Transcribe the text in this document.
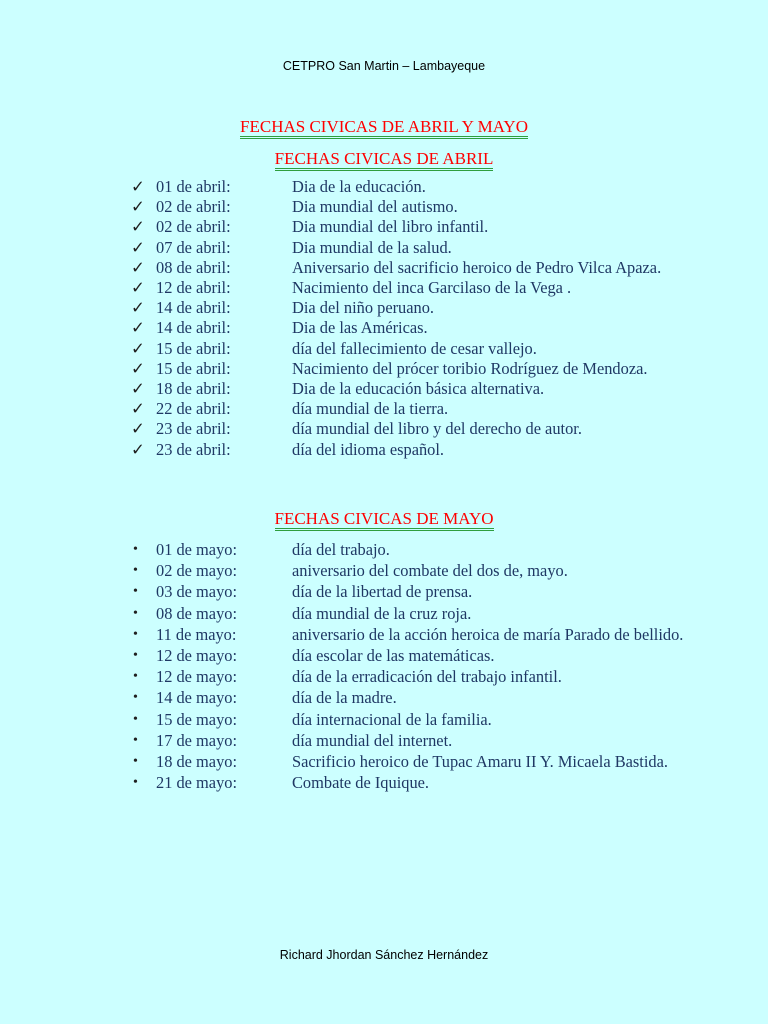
CETPRO San Martin – Lambayeque
FECHAS CIVICAS DE ABRIL Y MAYO
FECHAS CIVICAS DE ABRIL
✓ 01 de abril:	Dia de la educación.
✓ 02 de abril:	Dia mundial del autismo.
✓ 02 de abril:	Dia mundial del libro infantil.
✓ 07 de abril:	Dia mundial de la salud.
✓ 08 de abril:	Aniversario del sacrificio heroico de Pedro Vilca Apaza.
✓ 12 de abril:	Nacimiento del inca Garcilaso de la Vega .
✓ 14 de abril:	Dia del niño peruano.
✓ 14 de abril:	Dia de las Américas.
✓ 15 de abril:	día del fallecimiento de cesar vallejo.
✓ 15 de abril:	Nacimiento del prócer toribio Rodríguez de Mendoza.
✓ 18 de abril:	Dia de la educación básica alternativa.
✓ 22 de abril:	día mundial de la tierra.
✓ 23 de abril:	día mundial del libro y del derecho de autor.
✓ 23 de abril:	día del idioma español.
FECHAS CIVICAS DE MAYO
• 01 de mayo:	día del trabajo.
• 02 de mayo:	aniversario del combate del dos de, mayo.
• 03 de mayo:	día de la libertad de prensa.
• 08 de mayo:	día mundial de la cruz roja.
• 11 de mayo:	aniversario de la acción heroica de maría Parado de bellido.
• 12 de mayo:	día escolar de las matemáticas.
• 12 de mayo:	día de la erradicación del trabajo infantil.
• 14 de mayo:	día de la madre.
• 15 de mayo:	día internacional de la familia.
• 17 de mayo:	día mundial del internet.
• 18 de mayo:	Sacrificio heroico de Tupac Amaru II Y. Micaela Bastida.
• 21 de mayo:	Combate de Iquique.
Richard Jhordan Sánchez Hernández
